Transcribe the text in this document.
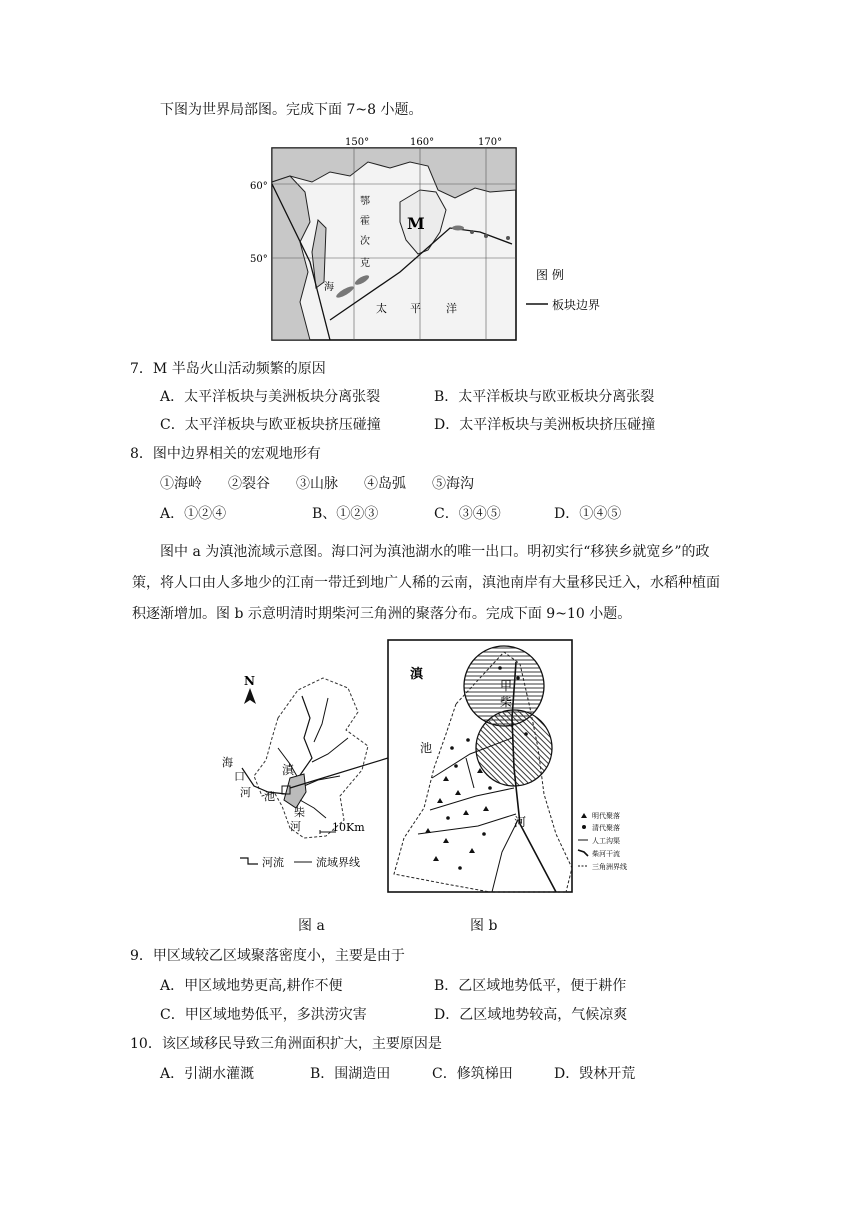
下图为世界局部图。完成下面 7~8 小题。
150°	160°	170°
60°
50°
鄂
霍
次
克
海
太 平 洋
M
图 例
板块边界
7．M 半岛火山活动频繁的原因
A．太平洋板块与美洲板块分离张裂	B．太平洋板块与欧亚板块分离张裂
C．太平洋板块与欧亚板块挤压碰撞	D．太平洋板块与美洲板块挤压碰撞
8．图中边界相关的宏观地形有
①海岭 ②裂谷 ③山脉 ④岛弧 ⑤海沟
A．①②④	B、①②③	C．③④⑤	D．①④⑤
图中 a 为滇池流域示意图。海口河为滇池湖水的唯一出口。明初实行“移狭乡就宽乡”的政策，将人口由人多地少的江南一带迁到地广人稀的云南，滇池南岸有大量移民迁入，水稻种植面积逐渐增加。图 b 示意明清时期柴河三角洲的聚落分布。完成下面 9~10 小题。
N
海
口
河
滇
池
柴
河	10Km
河流	流域界线
甲
柴
滇
池
河	明代聚落
清代聚落
人工沟渠
柴河干流
三角洲界线
图 a	图 b
9．甲区域较乙区域聚落密度小，主要是由于
A．甲区域地势更高,耕作不便	B．乙区域地势低平，便于耕作
C．甲区域地势低平，多洪涝灾害	D．乙区域地势较高，气候凉爽
10．该区域移民导致三角洲面积扩大，主要原因是
A．引湖水灌溉	B．围湖造田	C．修筑梯田	D．毁林开荒
